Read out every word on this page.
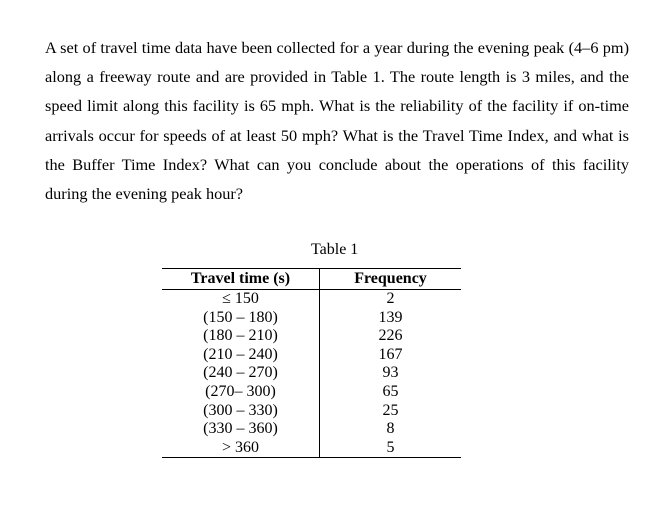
A set of travel time data have been collected for a year during the evening peak (4–6 pm) along a freeway route and are provided in Table 1. The route length is 3 miles, and the speed limit along this facility is 65 mph. What is the reliability of the facility if on-time arrivals occur for speeds of at least 50 mph? What is the Travel Time Index, and what is the Buffer Time Index? What can you conclude about the operations of this facility during the evening peak hour?

Table 1

Travel time (s)	Frequency
≤ 150	2
(150 – 180)	139
(180 – 210)	226
(210 – 240)	167
(240 – 270)	93
(270– 300)	65
(300 – 330)	25
(330 – 360)	8
> 360	5
